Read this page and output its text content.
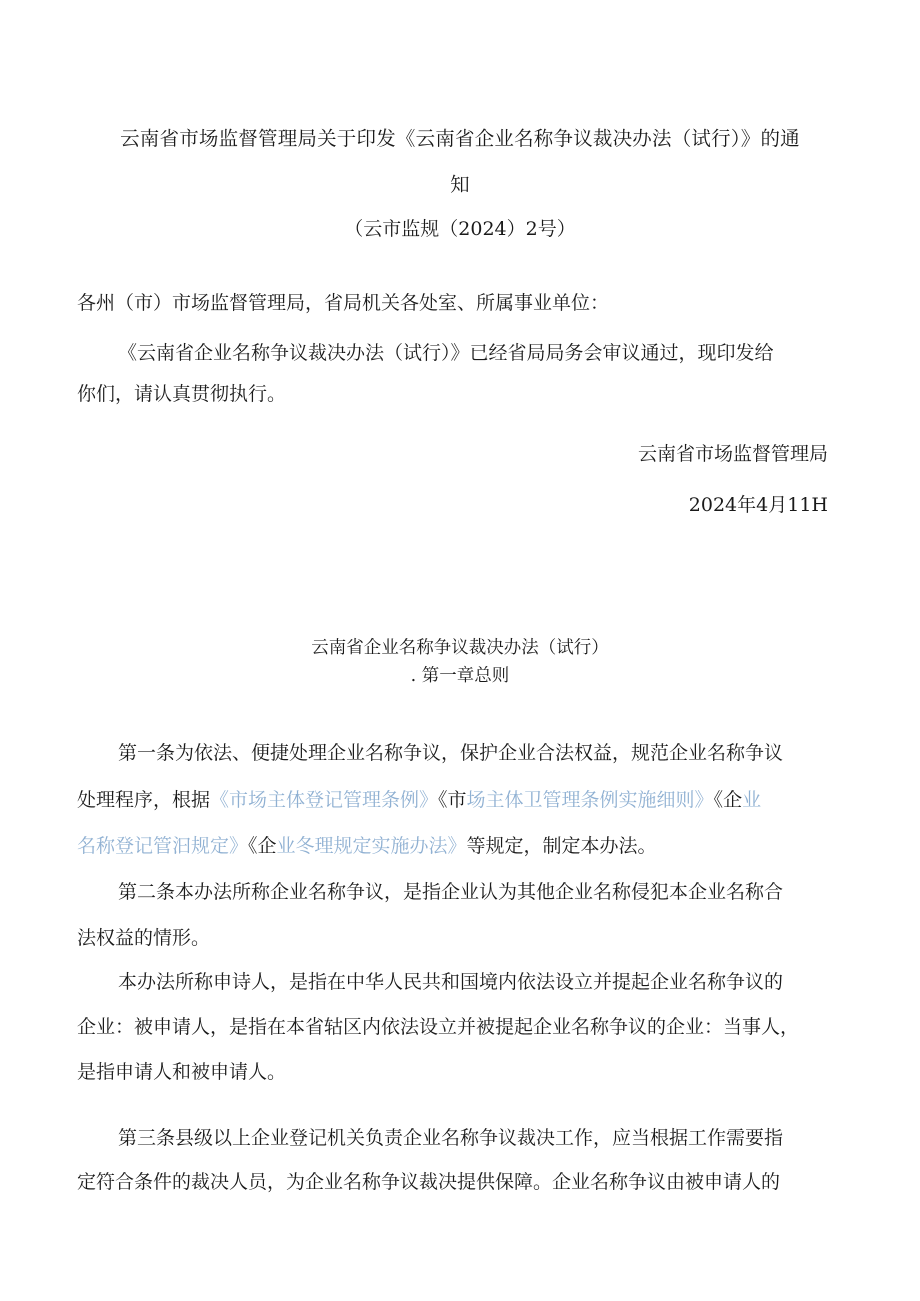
云南省市场监督管理局关于印发《云南省企业名称争议裁决办法（试行）》的通
知
（云市监规（2024）2号）
各州（市）市场监督管理局，省局机关各处室、所属事业单位：
《云南省企业名称争议裁决办法（试行）》已经省局局务会审议通过，现印发给
你们，请认真贯彻执行。
云南省市场监督管理局
2024年4月11H
云南省企业名称争议裁决办法（试行）
. 第一章总则
第一条为依法、便捷处理企业名称争议，保护企业合法权益，规范企业名称争议
处理程序，根据《市场主体登记管理条例》《市场主体卫管理条例实施细则》《企业
名称登记管汩规定》《企业冬理规定实施办法》等规定，制定本办法。
第二条本办法所称企业名称争议，是指企业认为其他企业名称侵犯本企业名称合
法权益的情形。
本办法所称申诗人，是指在中华人民共和国境内依法设立并提起企业名称争议的
企业：被申请人，是指在本省轱区内依法设立并被提起企业名称争议的企业：当事人，
是指申请人和被申请人。
第三条县级以上企业登记机关负责企业名称争议裁决工作，应当根据工作需要指
定符合条件的裁决人员，为企业名称争议裁决提供保障。企业名称争议由被申请人的
